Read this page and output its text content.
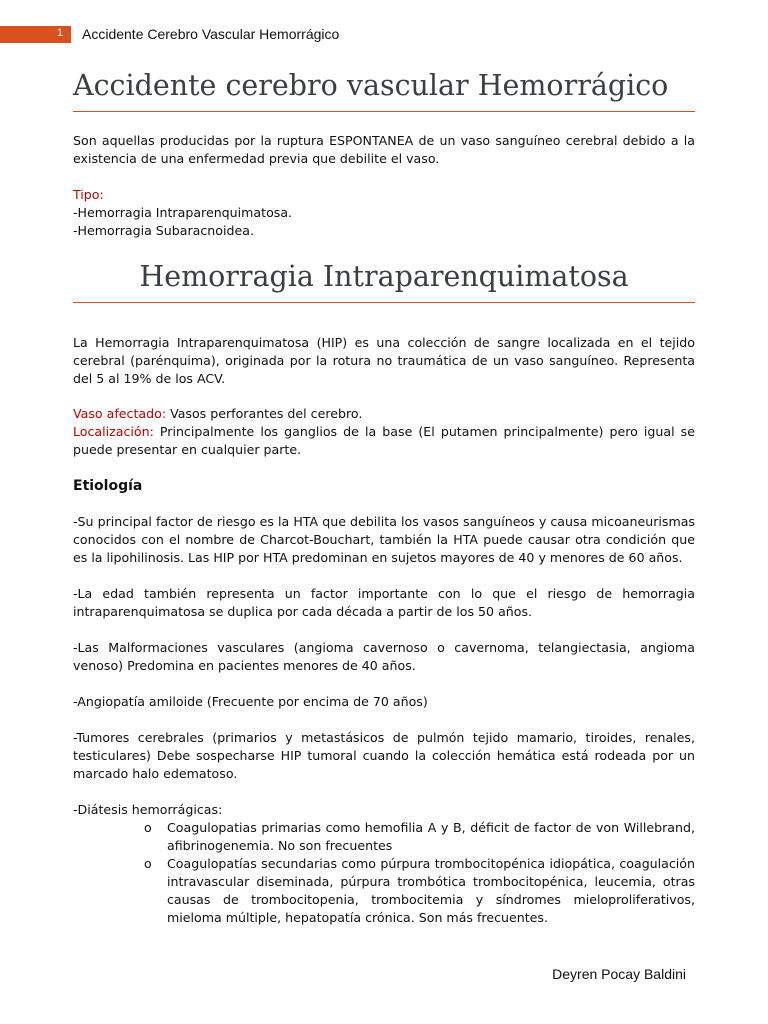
1 Accidente Cerebro Vascular Hemorrágico
Accidente cerebro vascular Hemorrágico

Son aquellas producidas por la ruptura ESPONTANEA de un vaso sanguíneo cerebral debido a la existencia de una enfermedad previa que debilite el vaso.

Tipo:
-Hemorragia Intraparenquimatosa.
-Hemorragia Subaracnoidea.
Hemorragia Intraparenquimatosa

La Hemorragia Intraparenquimatosa (HIP) es una colección de sangre localizada en el tejido cerebral (parénquima), originada por la rotura no traumática de un vaso sanguíneo. Representa del 5 al 19% de los ACV.

Vaso afectado: Vasos perforantes del cerebro.

Localización: Principalmente los ganglios de la base (El putamen principalmente) pero igual se puede presentar en cualquier parte.

Etiología

-Su principal factor de riesgo es la HTA que debilita los vasos sanguíneos y causa micoaneurismas conocidos con el nombre de Charcot-Bouchart, también la HTA puede causar otra condición que es la lipohilinosis. Las HIP por HTA predominan en sujetos mayores de 40 y menores de 60 años.

-La edad también representa un factor importante con lo que el riesgo de hemorragia intraparenquimatosa se duplica por cada década a partir de los 50 años.

-Las Malformaciones vasculares (angioma cavernoso o cavernoma, telangiectasia, angioma venoso) Predomina en pacientes menores de 40 años.

-Angiopatía amiloide (Frecuente por encima de 70 años)

-Tumores cerebrales (primarios y metastásicos de pulmón tejido mamario, tiroides, renales, testiculares) Debe sospecharse HIP tumoral cuando la colección hemática está rodeada por un marcado halo edematoso.

-Diátesis hemorrágicas:

o Coagulopatias primarias como hemofilia A y B, déficit de factor de von Willebrand, afibrinogenemia. No son frecuentes
o Coagulopatías secundarias como púrpura trombocitopénica idiopática, coagulación intravascular diseminada, púrpura trombótica trombocitopénica, leucemia, otras causas de trombocitopenia, trombocitemia y síndromes mieloproliferativos, mieloma múltiple, hepatopatía crónica. Son más frecuentes.
Deyren Pocay Baldini
